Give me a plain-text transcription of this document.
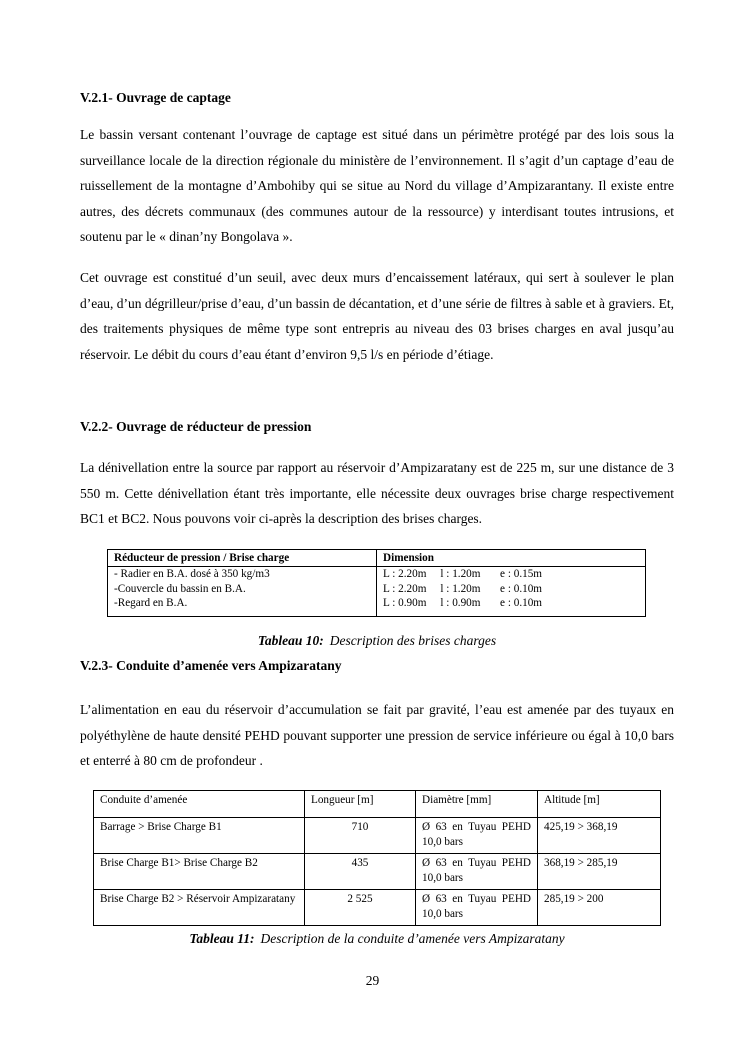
V.2.1- Ouvrage de captage

Le bassin versant contenant l’ouvrage de captage est situé dans un périmètre protégé par des lois sous la surveillance locale de la direction régionale du ministère de l’environnement. Il s’agit d’un captage d’eau de ruissellement de la montagne d’Ambohiby qui se situe au Nord du village d’Ampizarantany. Il existe entre autres, des décrets communaux (des communes autour de la ressource) y interdisant toutes intrusions, et soutenu par le « dinan’ny Bongolava ».

Cet ouvrage est constitué d’un seuil, avec deux murs d’encaissement latéraux, qui sert à soulever le plan d’eau, d’un dégrilleur/prise d’eau, d’un bassin de décantation, et d’une série de filtres à sable et à graviers. Et, des traitements physiques de même type sont entrepris au niveau des 03 brises charges en aval jusqu’au réservoir. Le débit du cours d’eau étant d’environ 9,5 l/s en période d’étiage.

V.2.2- Ouvrage de réducteur de pression

La dénivellation entre la source par rapport au réservoir d’Ampizaratany est de 225 m, sur une distance de 3 550 m. Cette dénivellation étant très importante, elle nécessite deux ouvrages brise charge respectivement BC1 et BC2. Nous pouvons voir ci-après la description des brises charges.

Réducteur de pression / Brise charge	Dimension
- Radier en B.A. dosé à 350 kg/m3	L : 2.20m     l : 1.20m       e : 0.15m
-Couvercle du bassin en B.A.	L : 2.20m     l : 1.20m       e : 0.10m
-Regard en B.A.	L : 0.90m     l : 0.90m       e : 0.10m
Tableau 10: Description des brises charges
V.2.3- Conduite d’amenée vers Ampizaratany

L’alimentation en eau du réservoir d’accumulation se fait par gravité, l’eau est amenée par des tuyaux en polyéthylène de haute densité PEHD pouvant supporter une pression de service inférieure ou égal à 10,0 bars et enterré à 80 cm de profondeur .

Conduite d’amenée	Longueur [m]	Diamètre [mm]	Altitude [m]
Barrage > Brise Charge B1	710	Ø 63 en Tuyau PEHD 10,0 bars	425,19 > 368,19
Brise Charge B1> Brise Charge B2	435	Ø 63 en Tuyau PEHD 10,0 bars	368,19 > 285,19
Brise Charge B2 > Réservoir Ampizaratany	2 525	Ø 63 en Tuyau PEHD 10,0 bars	285,19 > 200
Tableau 11: Description de la conduite d’amenée vers Ampizaratany
29
